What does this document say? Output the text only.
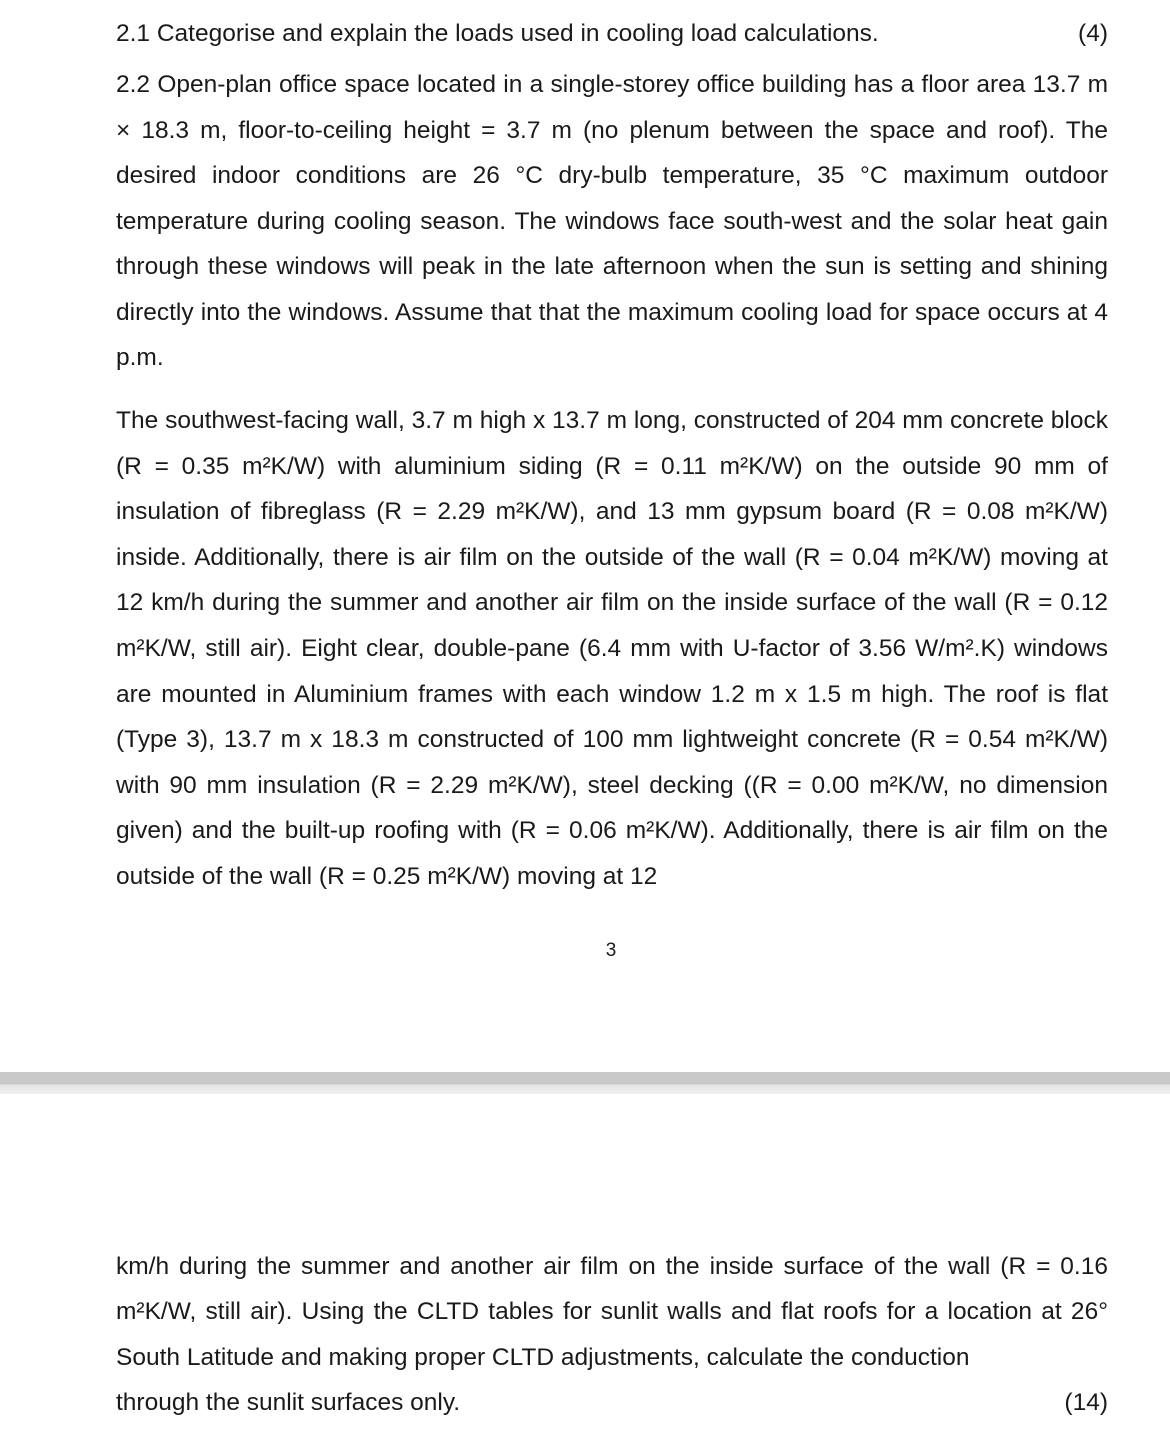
2.1 Categorise and explain the loads used in cooling load calculations.	(4)
2.2 Open-plan office space located in a single-storey office building has a floor area 13.7 m × 18.3 m, floor-to-ceiling height = 3.7 m (no plenum between the space and roof). The desired indoor conditions are 26 °C dry-bulb temperature, 35 °C maximum outdoor temperature during cooling season. The windows face south-west and the solar heat gain through these windows will peak in the late afternoon when the sun is setting and shining directly into the windows. Assume that that the maximum cooling load for space occurs at 4 p.m.
The southwest-facing wall, 3.7 m high x 13.7 m long, constructed of 204 mm concrete block (R = 0.35 m²K/W) with aluminium siding (R = 0.11 m²K/W) on the outside 90 mm of insulation of fibreglass (R = 2.29 m²K/W), and 13 mm gypsum board (R = 0.08 m²K/W) inside. Additionally, there is air film on the outside of the wall (R = 0.04 m²K/W) moving at 12 km/h during the summer and another air film on the inside surface of the wall (R = 0.12 m²K/W, still air). Eight clear, double-pane (6.4 mm with U-factor of 3.56 W/m².K) windows are mounted in Aluminium frames with each window 1.2 m x 1.5 m high. The roof is flat (Type 3), 13.7 m x 18.3 m constructed of 100 mm lightweight concrete (R = 0.54 m²K/W) with 90 mm insulation (R = 2.29 m²K/W), steel decking ((R = 0.00 m²K/W, no dimension given) and the built-up roofing with (R = 0.06 m²K/W). Additionally, there is air film on the outside of the wall (R = 0.25 m²K/W) moving at 12
3
km/h during the summer and another air film on the inside surface of the wall (R = 0.16 m²K/W, still air). Using the CLTD tables for sunlit walls and flat roofs for a location at 26° South Latitude and making proper CLTD adjustments, calculate the conduction
through the sunlit surfaces only.	(14)
